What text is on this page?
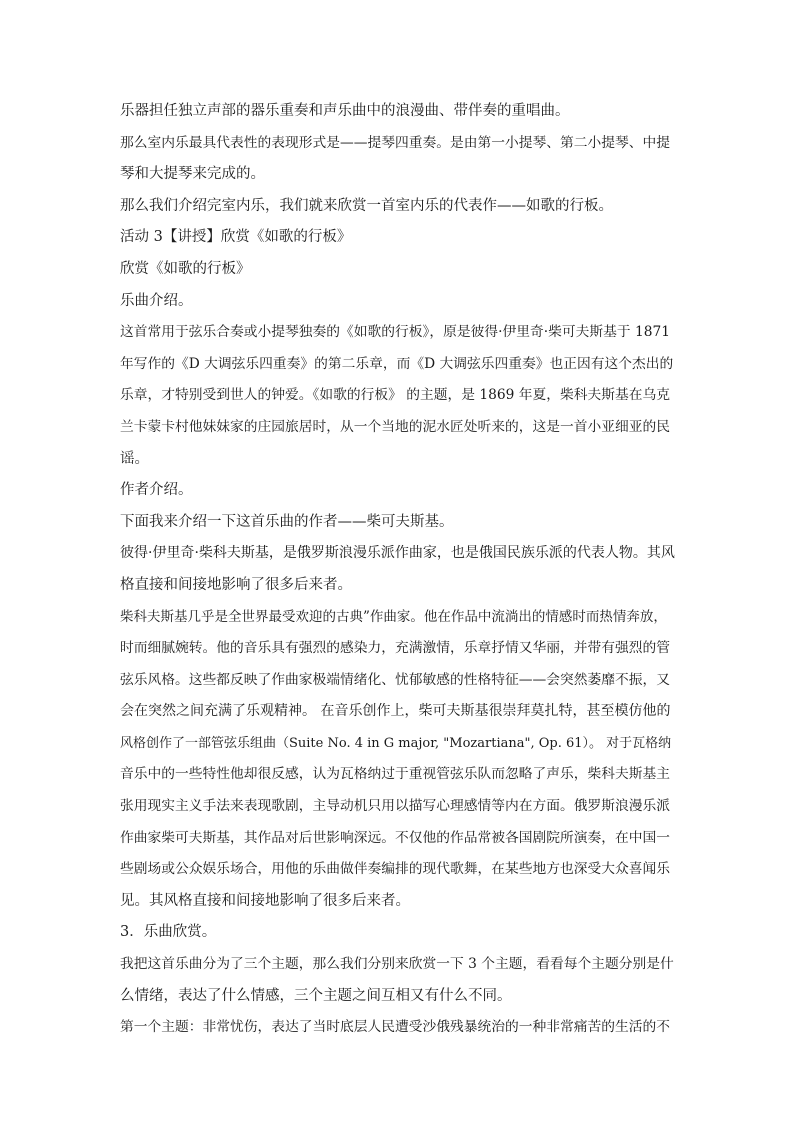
乐器担任独立声部的器乐重奏和声乐曲中的浪漫曲、带伴奏的重唱曲。

那么室内乐最具代表性的表现形式是——提琴四重奏。是由第一小提琴、第二小提琴、中提

琴和大提琴来完成的。

那么我们介绍完室内乐，我们就来欣赏一首室内乐的代表作——如歌的行板。

活动 3【讲授】欣赏《如歌的行板》

欣赏《如歌的行板》

乐曲介绍。

这首常用于弦乐合奏或小提琴独奏的《如歌的行板》，原是彼得·伊里奇·柴可夫斯基于 1871

年写作的《D 大调弦乐四重奏》的第二乐章，而《D 大调弦乐四重奏》也正因有这个杰出的

乐章，才特别受到世人的钟爱。《如歌的行板》 的主题，是 1869 年夏，柴科夫斯基在乌克

兰卡蒙卡村他妹妹家的庄园旅居时，从一个当地的泥水匠处听来的，这是一首小亚细亚的民

谣。

作者介绍。

下面我来介绍一下这首乐曲的作者——柴可夫斯基。

彼得·伊里奇·柴科夫斯基，是俄罗斯浪漫乐派作曲家，也是俄国民族乐派的代表人物。其风

格直接和间接地影响了很多后来者。

柴科夫斯基几乎是全世界最受欢迎的古典”作曲家。他在作品中流淌出的情感时而热情奔放，

时而细腻婉转。他的音乐具有强烈的感染力，充满激情，乐章抒情又华丽，并带有强烈的管

弦乐风格。这些都反映了作曲家极端情绪化、忧郁敏感的性格特征——会突然萎靡不振，又

会在突然之间充满了乐观精神。 在音乐创作上，柴可夫斯基很崇拜莫扎特，甚至模仿他的

风格创作了一部管弦乐组曲（Suite No. 4 in G major, "Mozartiana", Op. 61）。 对于瓦格纳

音乐中的一些特性他却很反感，认为瓦格纳过于重视管弦乐队而忽略了声乐，柴科夫斯基主

张用现实主义手法来表现歌剧，主导动机只用以描写心理感情等内在方面。俄罗斯浪漫乐派

作曲家柴可夫斯基，其作品对后世影响深远。不仅他的作品常被各国剧院所演奏，在中国一

些剧场或公众娱乐场合，用他的乐曲做伴奏编排的现代歌舞，在某些地方也深受大众喜闻乐

见。其风格直接和间接地影响了很多后来者。

3．乐曲欣赏。

我把这首乐曲分为了三个主题，那么我们分别来欣赏一下 3 个主题，看看每个主题分别是什

么情绪，表达了什么情感，三个主题之间互相又有什么不同。

第一个主题：非常忧伤，表达了当时底层人民遭受沙俄残暴统治的一种非常痛苦的生活的不
